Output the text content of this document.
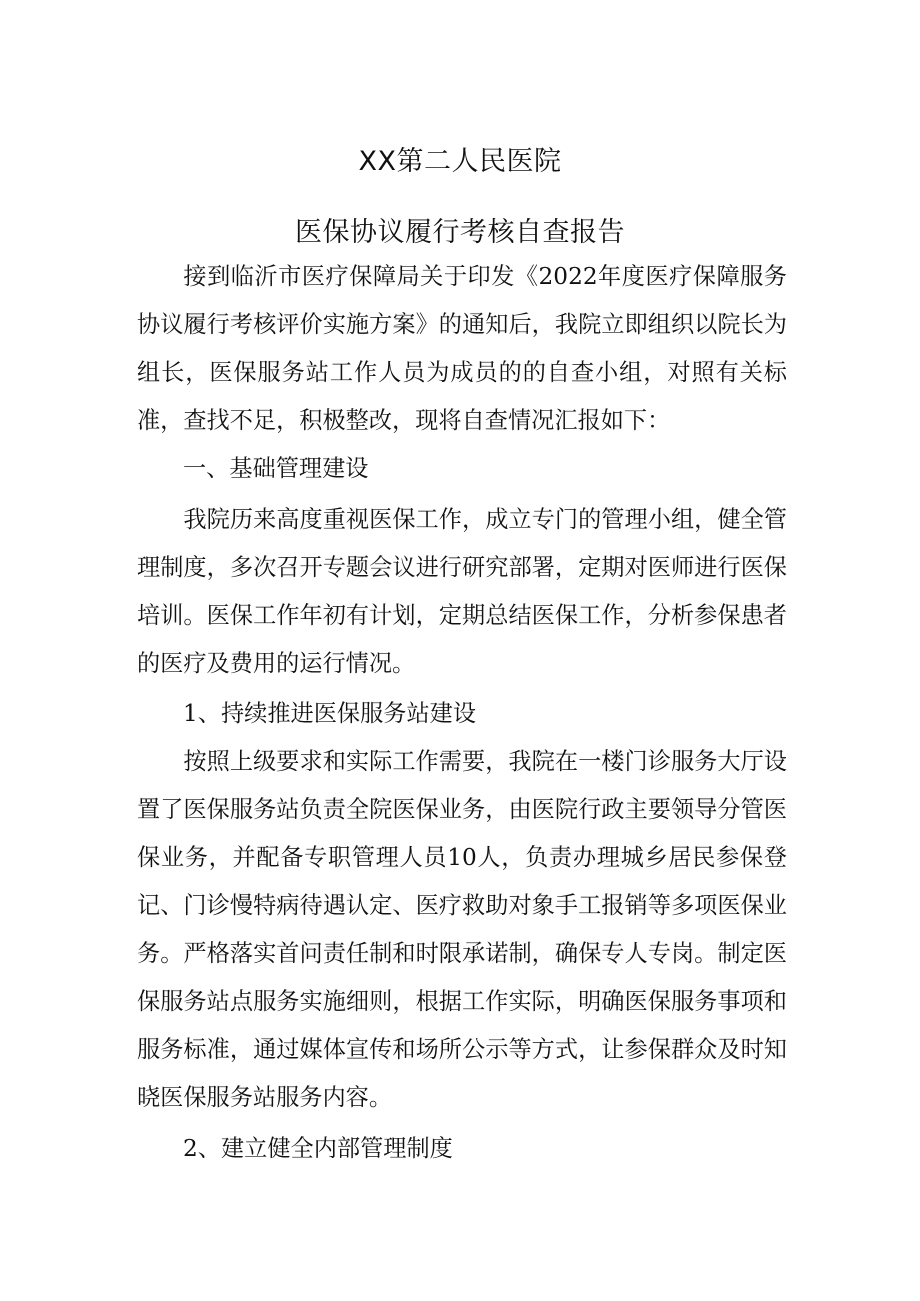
XX第二人民医院
医保协议履行考核自查报告

接到临沂市医疗保障局关于印发《2022年度医疗保障服务协议履行考核评价实施方案》的通知后，我院立即组织以院长为组长，医保服务站工作人员为成员的的自查小组，对照有关标准，查找不足，积极整改，现将自查情况汇报如下：

一、基础管理建设

我院历来高度重视医保工作，成立专门的管理小组，健全管理制度，多次召开专题会议进行研究部署，定期对医师进行医保培训。医保工作年初有计划，定期总结医保工作，分析参保患者的医疗及费用的运行情况。

1、持续推进医保服务站建设

按照上级要求和实际工作需要，我院在一楼门诊服务大厅设置了医保服务站负责全院医保业务，由医院行政主要领导分管医保业务，并配备专职管理人员10人，负责办理城乡居民参保登记、门诊慢特病待遇认定、医疗救助对象手工报销等多项医保业务。严格落实首问责任制和时限承诺制，确保专人专岗。制定医保服务站点服务实施细则，根据工作实际，明确医保服务事项和服务标准，通过媒体宣传和场所公示等方式，让参保群众及时知晓医保服务站服务内容。

2、建立健全内部管理制度
